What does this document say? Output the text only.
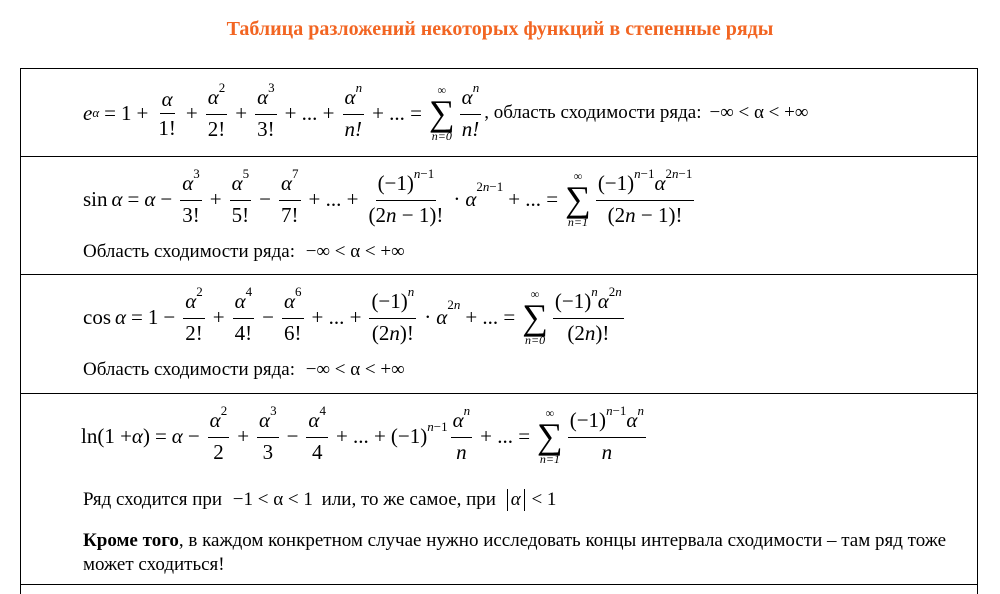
Таблица разложений некоторых функций в степенные ряды
e $\alpha = 1 + \frac{\alpha}{1!} + \frac{\alpha^2}{2!} + \frac{\alpha^3}{3!}$ + ... + $\frac{\alpha^n}{n!}$ + ... =
∞
∑
$n=0 \frac{\alpha^n}{n!}$ , область сходимости ряда: −∞ < α < +∞
$\sin \alpha = \alpha - \frac{\alpha^3}{3!} + \frac{\alpha^5}{5!} - \frac{\alpha^7}{7!}$ + ... + $\frac{(-1)^{n-1}}{(2n - 1)!} \cdot \alpha$ 2n−1 + ... =
∞
∑
$n=1 \frac{(-1)^{n-1}\alpha^{2n-1}}{(2n - 1)!}$
Область сходимости ряда: −∞ < α < +∞
$\cos \alpha = 1 - \frac{\alpha^2}{2!} + \frac{\alpha^4}{4!} - \frac{\alpha^6}{6!}$ + ... + $\frac{(-1)^n}{(2n)!} \cdot \alpha$ 2n + ... =
∞
∑
$n=0 \frac{(-1)^n\alpha^{2n}}{(2n)!}$
Область сходимости ряда: −∞ < α < +∞
ln(1 + α ) = $\alpha - \frac{\alpha^2}{2} + \frac{\alpha^3}{3} - \frac{\alpha^4}{4}$ + ... + $(-1)^{n-1} \frac{\alpha^n}{n}$ + ... =
∞
∑
$n=1 \frac{(-1)^{n-1}\alpha^n}{n}$
Ряд сходится при −1 < α < 1 или, то же самое, при α < 1
Кроме того, в каждом конкретном случае нужно исследовать концы интервала сходимости – там ряд тоже может сходиться!
